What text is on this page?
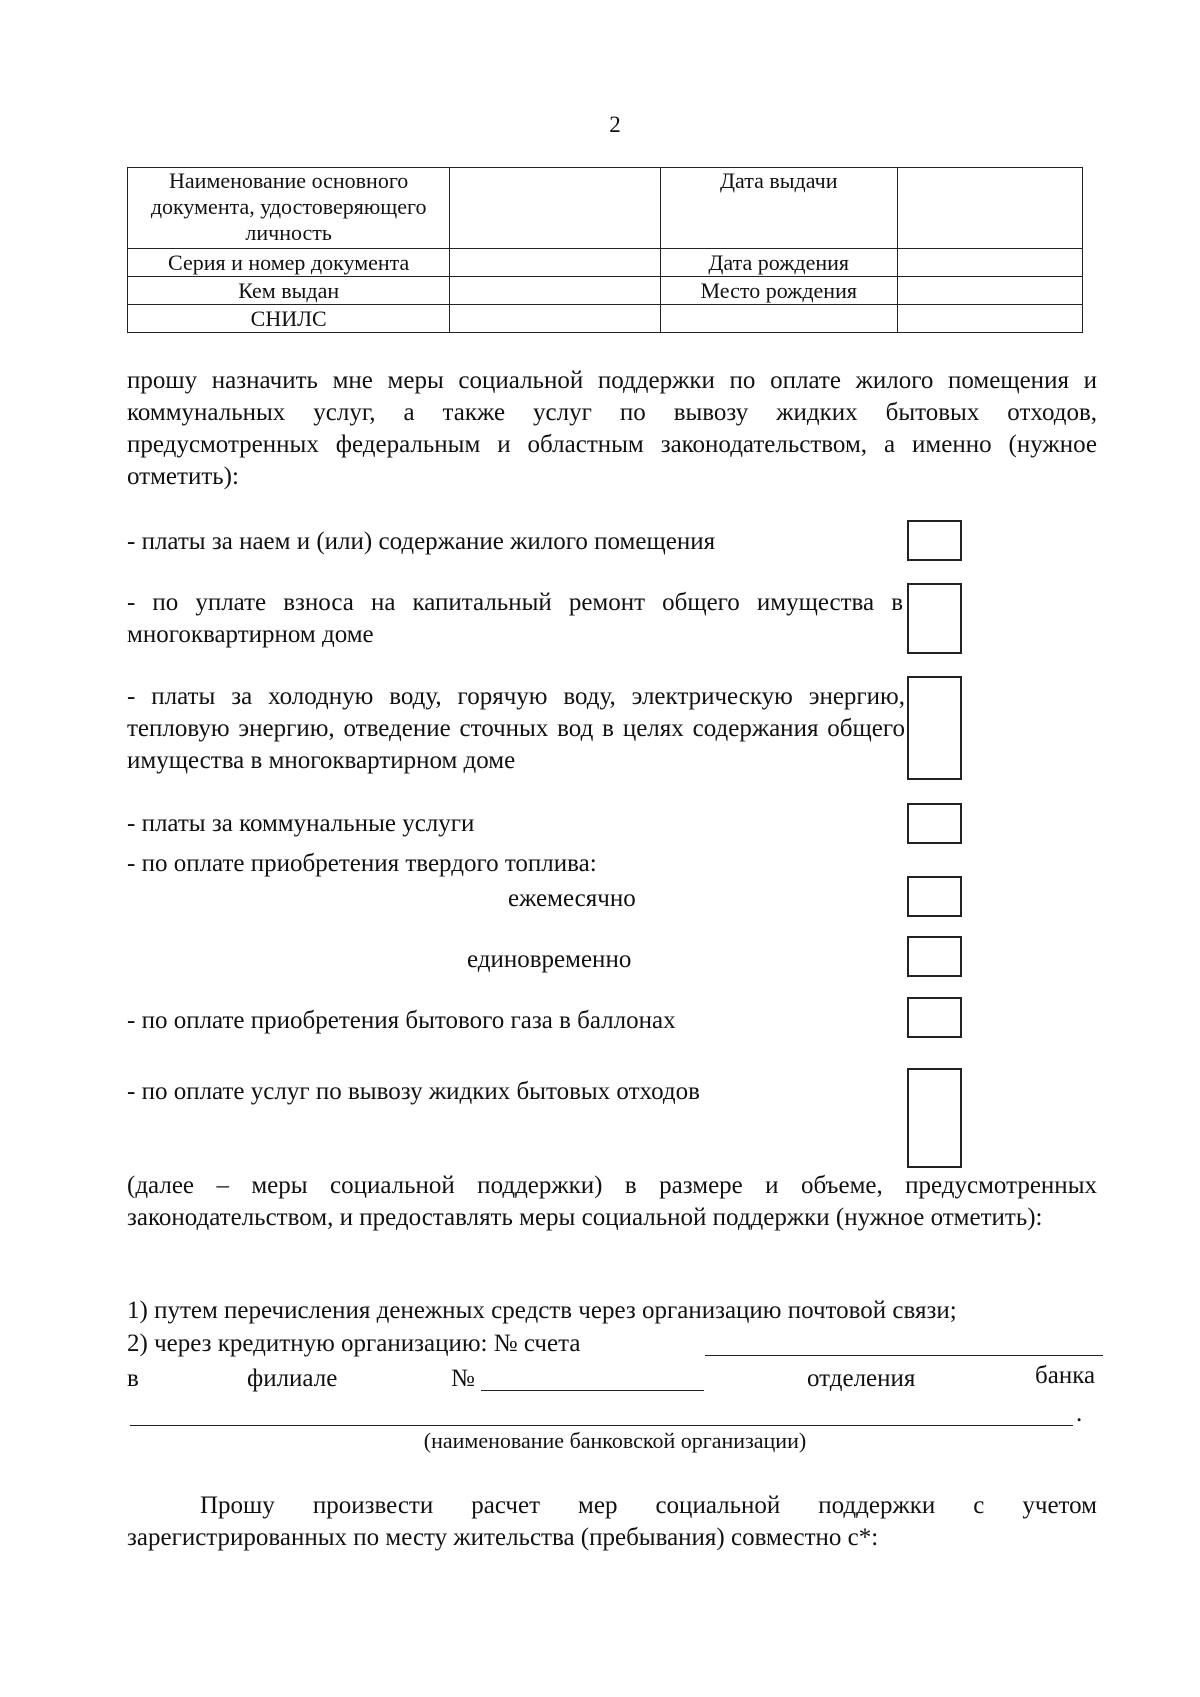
2
Наименование основного документа, удостоверяющего личность		Дата выдачи	
Серия и номер документа		Дата рождения	
Кем выдан		Место рождения	
СНИЛС			
прошу назначить мне меры социальной поддержки по оплате жилого помещения и коммунальных услуг, а также услуг по вывозу жидких бытовых отходов, предусмотренных федеральным и областным законодательством, а именно (нужное отметить):
- платы за наем и (или) содержание жилого помещения
- по уплате взноса на капитальный ремонт общего имущества в многоквартирном доме
- платы за холодную воду, горячую воду, электрическую энергию, тепловую энергию, отведение сточных вод в целях содержания общего имущества в многоквартирном доме
- платы за коммунальные услуги
- по оплате приобретения твердого топлива:
ежемесячно
единовременно
- по оплате приобретения бытового газа в баллонах
- по оплате услуг по вывозу жидких бытовых отходов
(далее – меры социальной поддержки) в размере и объеме, предусмотренных законодательством, и предоставлять меры социальной поддержки (нужное отметить):
1) путем перечисления денежных средств через организацию почтовой связи;
2) через кредитную организацию: № счета
в	филиале	№	отделения	банка
.
(наименование банковской организации)
Прошу произвести расчет мер социальной поддержки с учетом зарегистрированных по месту жительства (пребывания) совместно с*:
